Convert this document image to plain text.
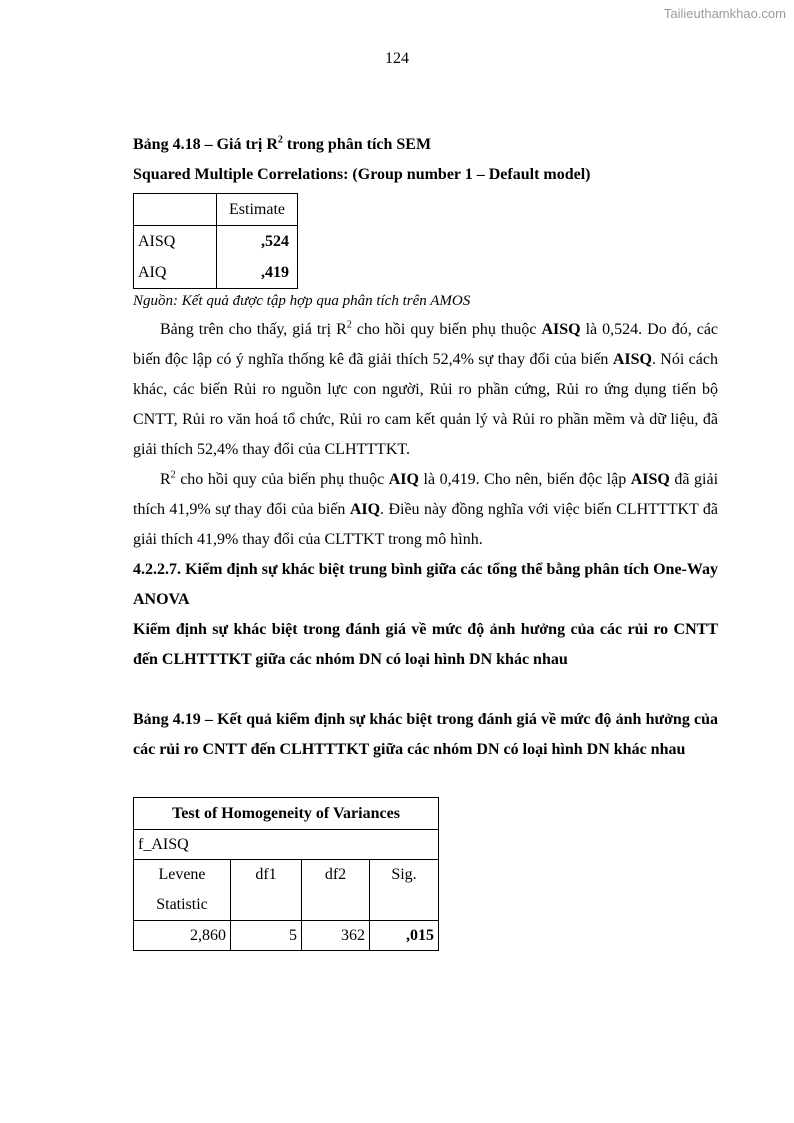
Tailieuthamkhao.com
124
Bảng 4.18 – Giá trị $R^2$ trong phân tích SEM
Squared Multiple Correlations: (Group number 1 – Default model)
	Estimate
AISQ	,524
AIQ	,419
Nguồn: Kết quả được tập hợp qua phân tích trên AMOS
Bảng trên cho thấy, giá trị $R^2$ cho hồi quy biến phụ thuộc AISQ là 0,524. Do đó, các biến độc lập có ý nghĩa thống kê đã giải thích 52,4% sự thay đổi của biến AISQ. Nói cách khác, các biến Rủi ro nguồn lực con người, Rủi ro phần cứng, Rủi ro ứng dụng tiến bộ CNTT, Rủi ro văn hoá tổ chức, Rủi ro cam kết quản lý và Rủi ro phần mềm và dữ liệu, đã giải thích 52,4% thay đổi của CLHTTTKT.
$R^2$ cho hồi quy của biến phụ thuộc AIQ là 0,419. Cho nên, biến độc lập AISQ đã giải thích 41,9% sự thay đổi của biến AIQ. Điều này đồng nghĩa với việc biến CLHTTTKT đã giải thích 41,9% thay đổi của CLTTKT trong mô hình.
4.2.2.7. Kiểm định sự khác biệt trung bình giữa các tổng thể bằng phân tích One-Way ANOVA
Kiểm định sự khác biệt trong đánh giá về mức độ ảnh hưởng của các rủi ro CNTT đến CLHTTTKT giữa các nhóm DN có loại hình DN khác nhau
Bảng 4.19 – Kết quả kiểm định sự khác biệt trong đánh giá về mức độ ảnh hưởng của các rủi ro CNTT đến CLHTTTKT giữa các nhóm DN có loại hình DN khác nhau
Test of Homogeneity of Variances			
f_AISQ			
Levene Statistic	df1	df2	Sig.
2,860	5	362	,015
